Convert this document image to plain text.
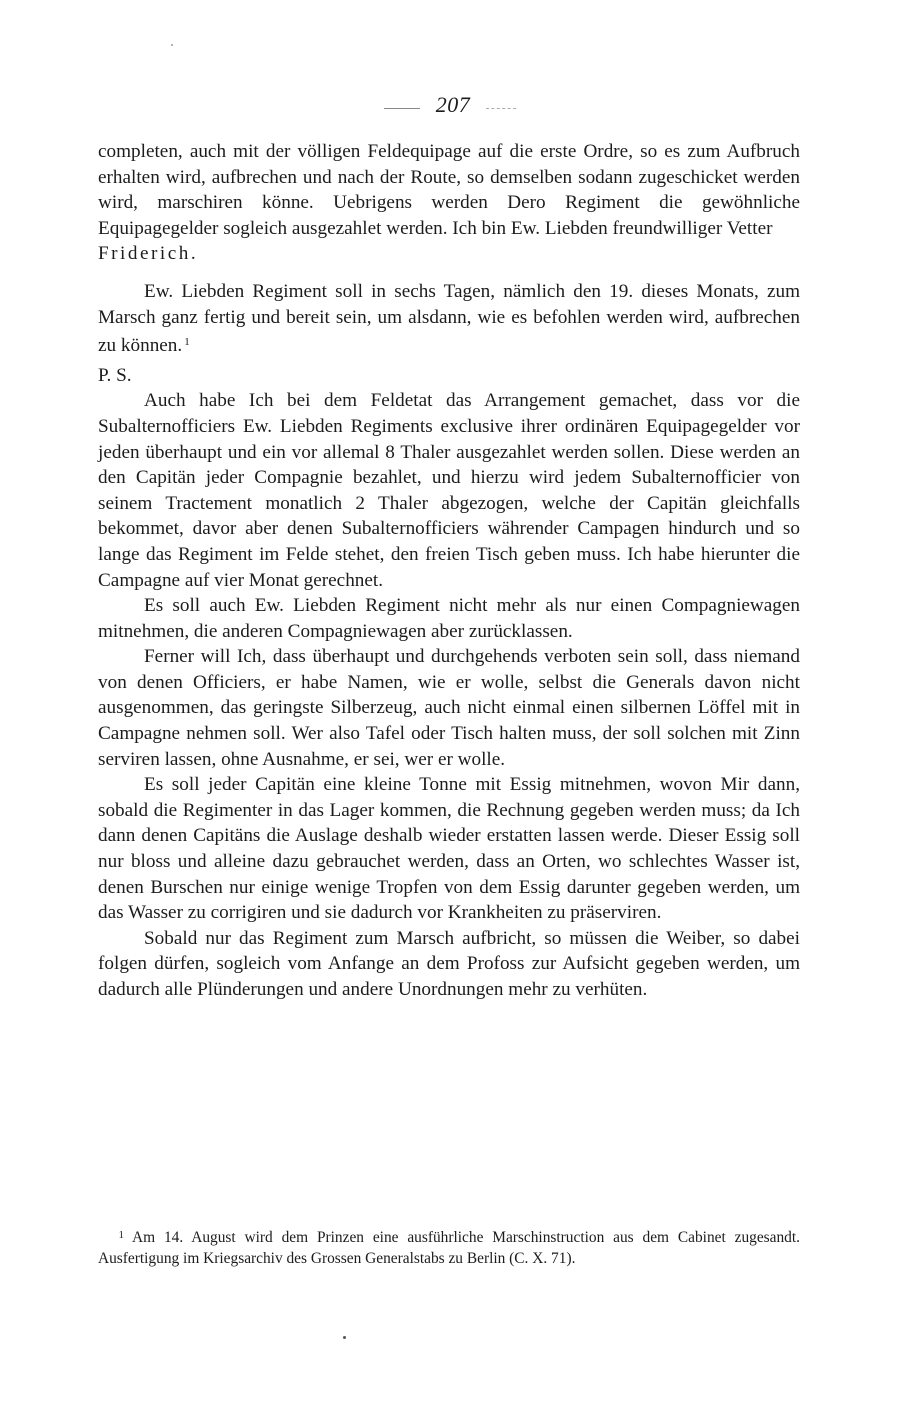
207

completen, auch mit der völligen Feldequipage auf die erste Ordre, so es zum Aufbruch erhalten wird, aufbrechen und nach der Route, so demselben sodann zugeschicket werden wird, marschiren könne. Uebrigens werden Dero Regiment die gewöhnliche Equipagegelder sogleich ausgezahlet werden. Ich bin Ew. Liebden freundwilliger Vetter

Friderich.

Ew. Liebden Regiment soll in sechs Tagen, nämlich den 19. dieses Monats, zum Marsch ganz fertig und bereit sein, um alsdann, wie es befohlen werden wird, aufbrechen zu können. $^1$

P. S.

Auch habe Ich bei dem Feldetat das Arrangement gemachet, dass vor die Subalternofficiers Ew. Liebden Regiments exclusive ihrer ordinären Equipagegelder vor jeden überhaupt und ein vor allemal 8 Thaler ausgezahlet werden sollen. Diese werden an den Capitän jeder Compagnie bezahlet, und hierzu wird jedem Subalternofficier von seinem Tractement monatlich 2 Thaler abgezogen, welche der Capitän gleichfalls bekommet, davor aber denen Subalternofficiers währender Campagen hindurch und so lange das Regiment im Felde stehet, den freien Tisch geben muss. Ich habe hierunter die Campagne auf vier Monat gerechnet.

Es soll auch Ew. Liebden Regiment nicht mehr als nur einen Compagniewagen mitnehmen, die anderen Compagniewagen aber zurücklassen.

Ferner will Ich, dass überhaupt und durchgehends verboten sein soll, dass niemand von denen Officiers, er habe Namen, wie er wolle, selbst die Generals davon nicht ausgenommen, das geringste Silberzeug, auch nicht einmal einen silbernen Löffel mit in Campagne nehmen soll. Wer also Tafel oder Tisch halten muss, der soll solchen mit Zinn serviren lassen, ohne Ausnahme, er sei, wer er wolle.

Es soll jeder Capitän eine kleine Tonne mit Essig mitnehmen, wovon Mir dann, sobald die Regimenter in das Lager kommen, die Rechnung gegeben werden muss; da Ich dann denen Capitäns die Auslage deshalb wieder erstatten lassen werde. Dieser Essig soll nur bloss und alleine dazu gebrauchet werden, dass an Orten, wo schlechtes Wasser ist, denen Burschen nur einige wenige Tropfen von dem Essig darunter gegeben werden, um das Wasser zu corrigiren und sie dadurch vor Krankheiten zu präserviren.

Sobald nur das Regiment zum Marsch aufbricht, so müssen die Weiber, so dabei folgen dürfen, sogleich vom Anfange an dem Profoss zur Aufsicht gegeben werden, um dadurch alle Plünderungen und andere Unordnungen mehr zu verhüten.

1 Am 14. August wird dem Prinzen eine ausführliche Marschinstruction aus dem Cabinet zugesandt. Ausfertigung im Kriegsarchiv des Grossen Generalstabs zu Berlin (C. X. 71).
